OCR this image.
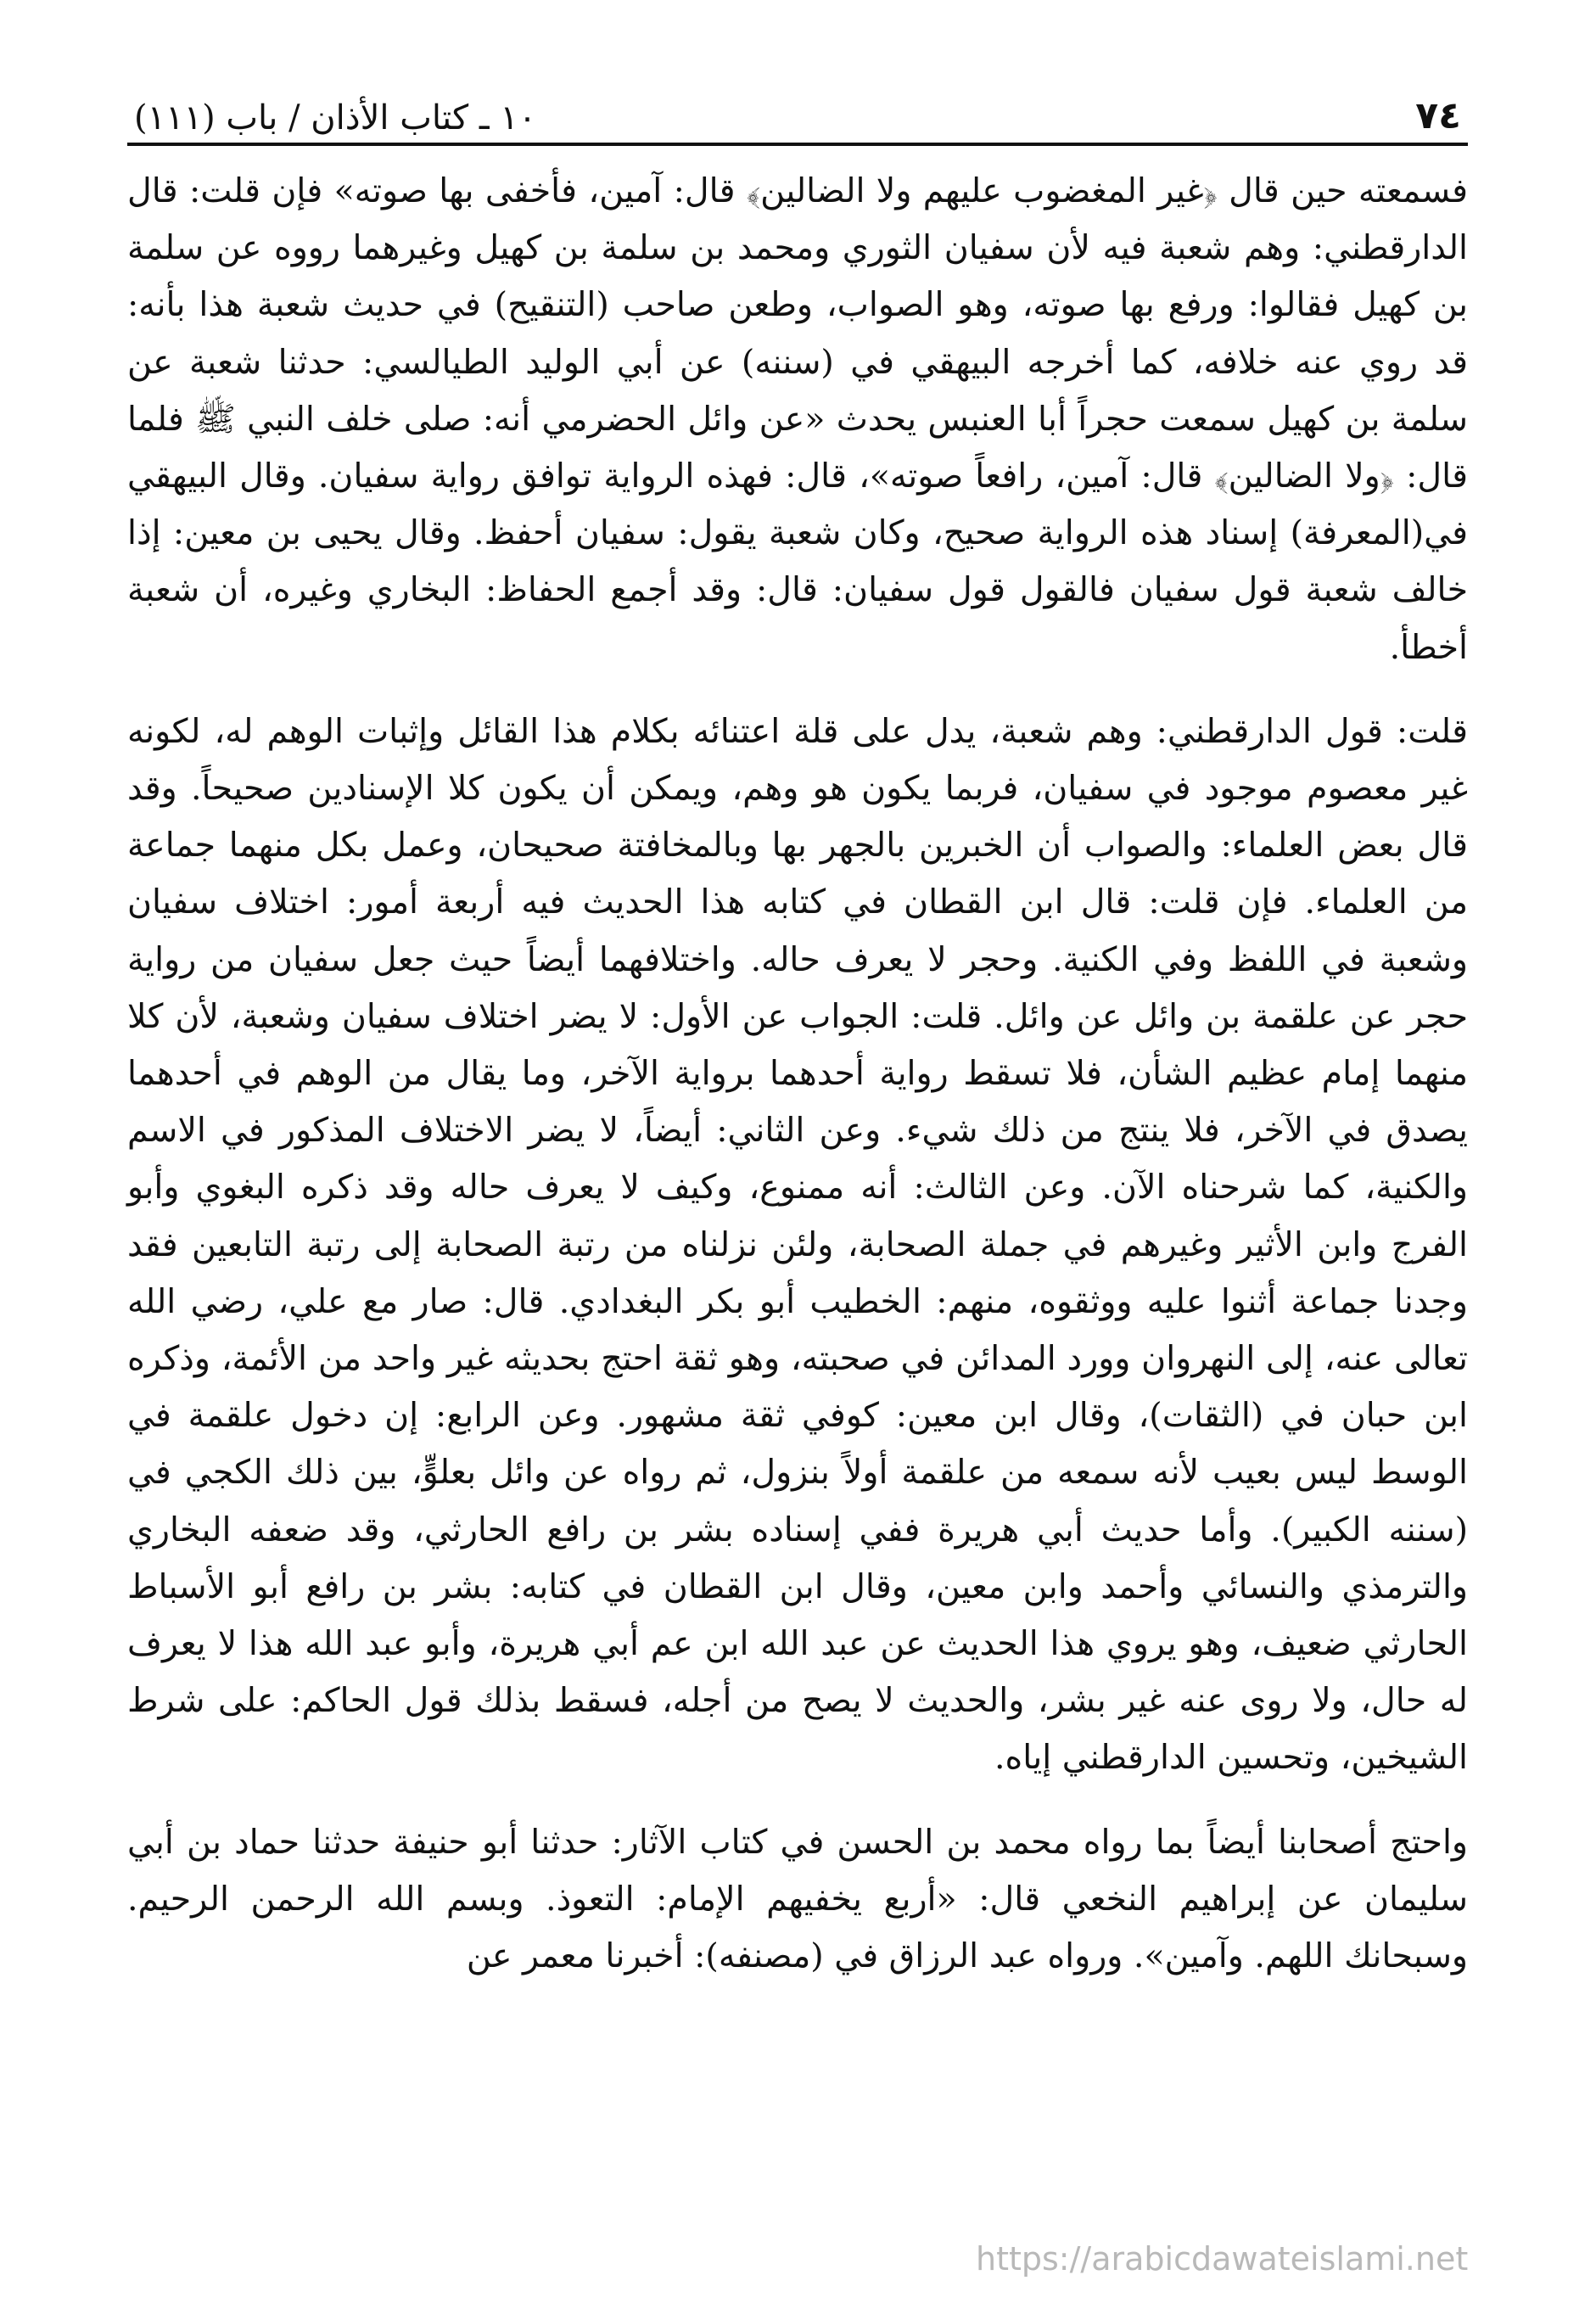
٧٤
١٠ ـ كتاب الأذان / باب (١١١)

فسمعته حين قال ﴿غير المغضوب عليهم ولا الضالين﴾ قال: آمين، فأخفى بها صوته» فإن قلت: قال الدارقطني: وهم شعبة فيه لأن سفيان الثوري ومحمد بن سلمة بن كهيل وغيرهما رووه عن سلمة بن كهيل فقالوا: ورفع بها صوته، وهو الصواب، وطعن صاحب (التنقيح) في حديث شعبة هذا بأنه: قد روي عنه خلافه، كما أخرجه البيهقي في (سننه) عن أبي الوليد الطيالسي: حدثنا شعبة عن سلمة بن كهيل سمعت حجراً أبا العنبس يحدث «عن وائل الحضرمي أنه: صلى خلف النبي ﷺ فلما قال: ﴿ولا الضالين﴾ قال: آمين، رافعاً صوته»، قال: فهذه الرواية توافق رواية سفيان. وقال البيهقي في(المعرفة) إسناد هذه الرواية صحيح، وكان شعبة يقول: سفيان أحفظ. وقال يحيى بن معين: إذا خالف شعبة قول سفيان فالقول قول سفيان: قال: وقد أجمع الحفاظ: البخاري وغيره، أن شعبة أخطأ.

قلت: قول الدارقطني: وهم شعبة، يدل على قلة اعتنائه بكلام هذا القائل وإثبات الوهم له، لكونه غير معصوم موجود في سفيان، فربما يكون هو وهم، ويمكن أن يكون كلا الإسنادين صحيحاً. وقد قال بعض العلماء: والصواب أن الخبرين بالجهر بها وبالمخافتة صحيحان، وعمل بكل منهما جماعة من العلماء. فإن قلت: قال ابن القطان في كتابه هذا الحديث فيه أربعة أمور: اختلاف سفيان وشعبة في اللفظ وفي الكنية. وحجر لا يعرف حاله. واختلافهما أيضاً حيث جعل سفيان من رواية حجر عن علقمة بن وائل عن وائل. قلت: الجواب عن الأول: لا يضر اختلاف سفيان وشعبة، لأن كلا منهما إمام عظيم الشأن، فلا تسقط رواية أحدهما برواية الآخر، وما يقال من الوهم في أحدهما يصدق في الآخر، فلا ينتج من ذلك شيء. وعن الثاني: أيضاً، لا يضر الاختلاف المذكور في الاسم والكنية، كما شرحناه الآن. وعن الثالث: أنه ممنوع، وكيف لا يعرف حاله وقد ذكره البغوي وأبو الفرج وابن الأثير وغيرهم في جملة الصحابة، ولئن نزلناه من رتبة الصحابة إلى رتبة التابعين فقد وجدنا جماعة أثنوا عليه ووثقوه، منهم: الخطيب أبو بكر البغدادي. قال: صار مع علي، رضي الله تعالى عنه، إلى النهروان وورد المدائن في صحبته، وهو ثقة احتج بحديثه غير واحد من الأئمة، وذكره ابن حبان في (الثقات)، وقال ابن معين: كوفي ثقة مشهور. وعن الرابع: إن دخول علقمة في الوسط ليس بعيب لأنه سمعه من علقمة أولاً بنزول، ثم رواه عن وائل بعلوٍّ، بين ذلك الكجي في (سننه الكبير). وأما حديث أبي هريرة ففي إسناده بشر بن رافع الحارثي، وقد ضعفه البخاري والترمذي والنسائي وأحمد وابن معين، وقال ابن القطان في كتابه: بشر بن رافع أبو الأسباط الحارثي ضعيف، وهو يروي هذا الحديث عن عبد الله ابن عم أبي هريرة، وأبو عبد الله هذا لا يعرف له حال، ولا روى عنه غير بشر، والحديث لا يصح من أجله، فسقط بذلك قول الحاكم: على شرط الشيخين، وتحسين الدارقطني إياه.

واحتج أصحابنا أيضاً بما رواه محمد بن الحسن في كتاب الآثار: حدثنا أبو حنيفة حدثنا حماد بن أبي سليمان عن إبراهيم النخعي قال: «أربع يخفيهم الإمام: التعوذ. وبسم الله الرحمن الرحيم. وسبحانك اللهم. وآمين». ورواه عبد الرزاق في (مصنفه): أخبرنا معمر عن

https://arabicdawateislami.net
